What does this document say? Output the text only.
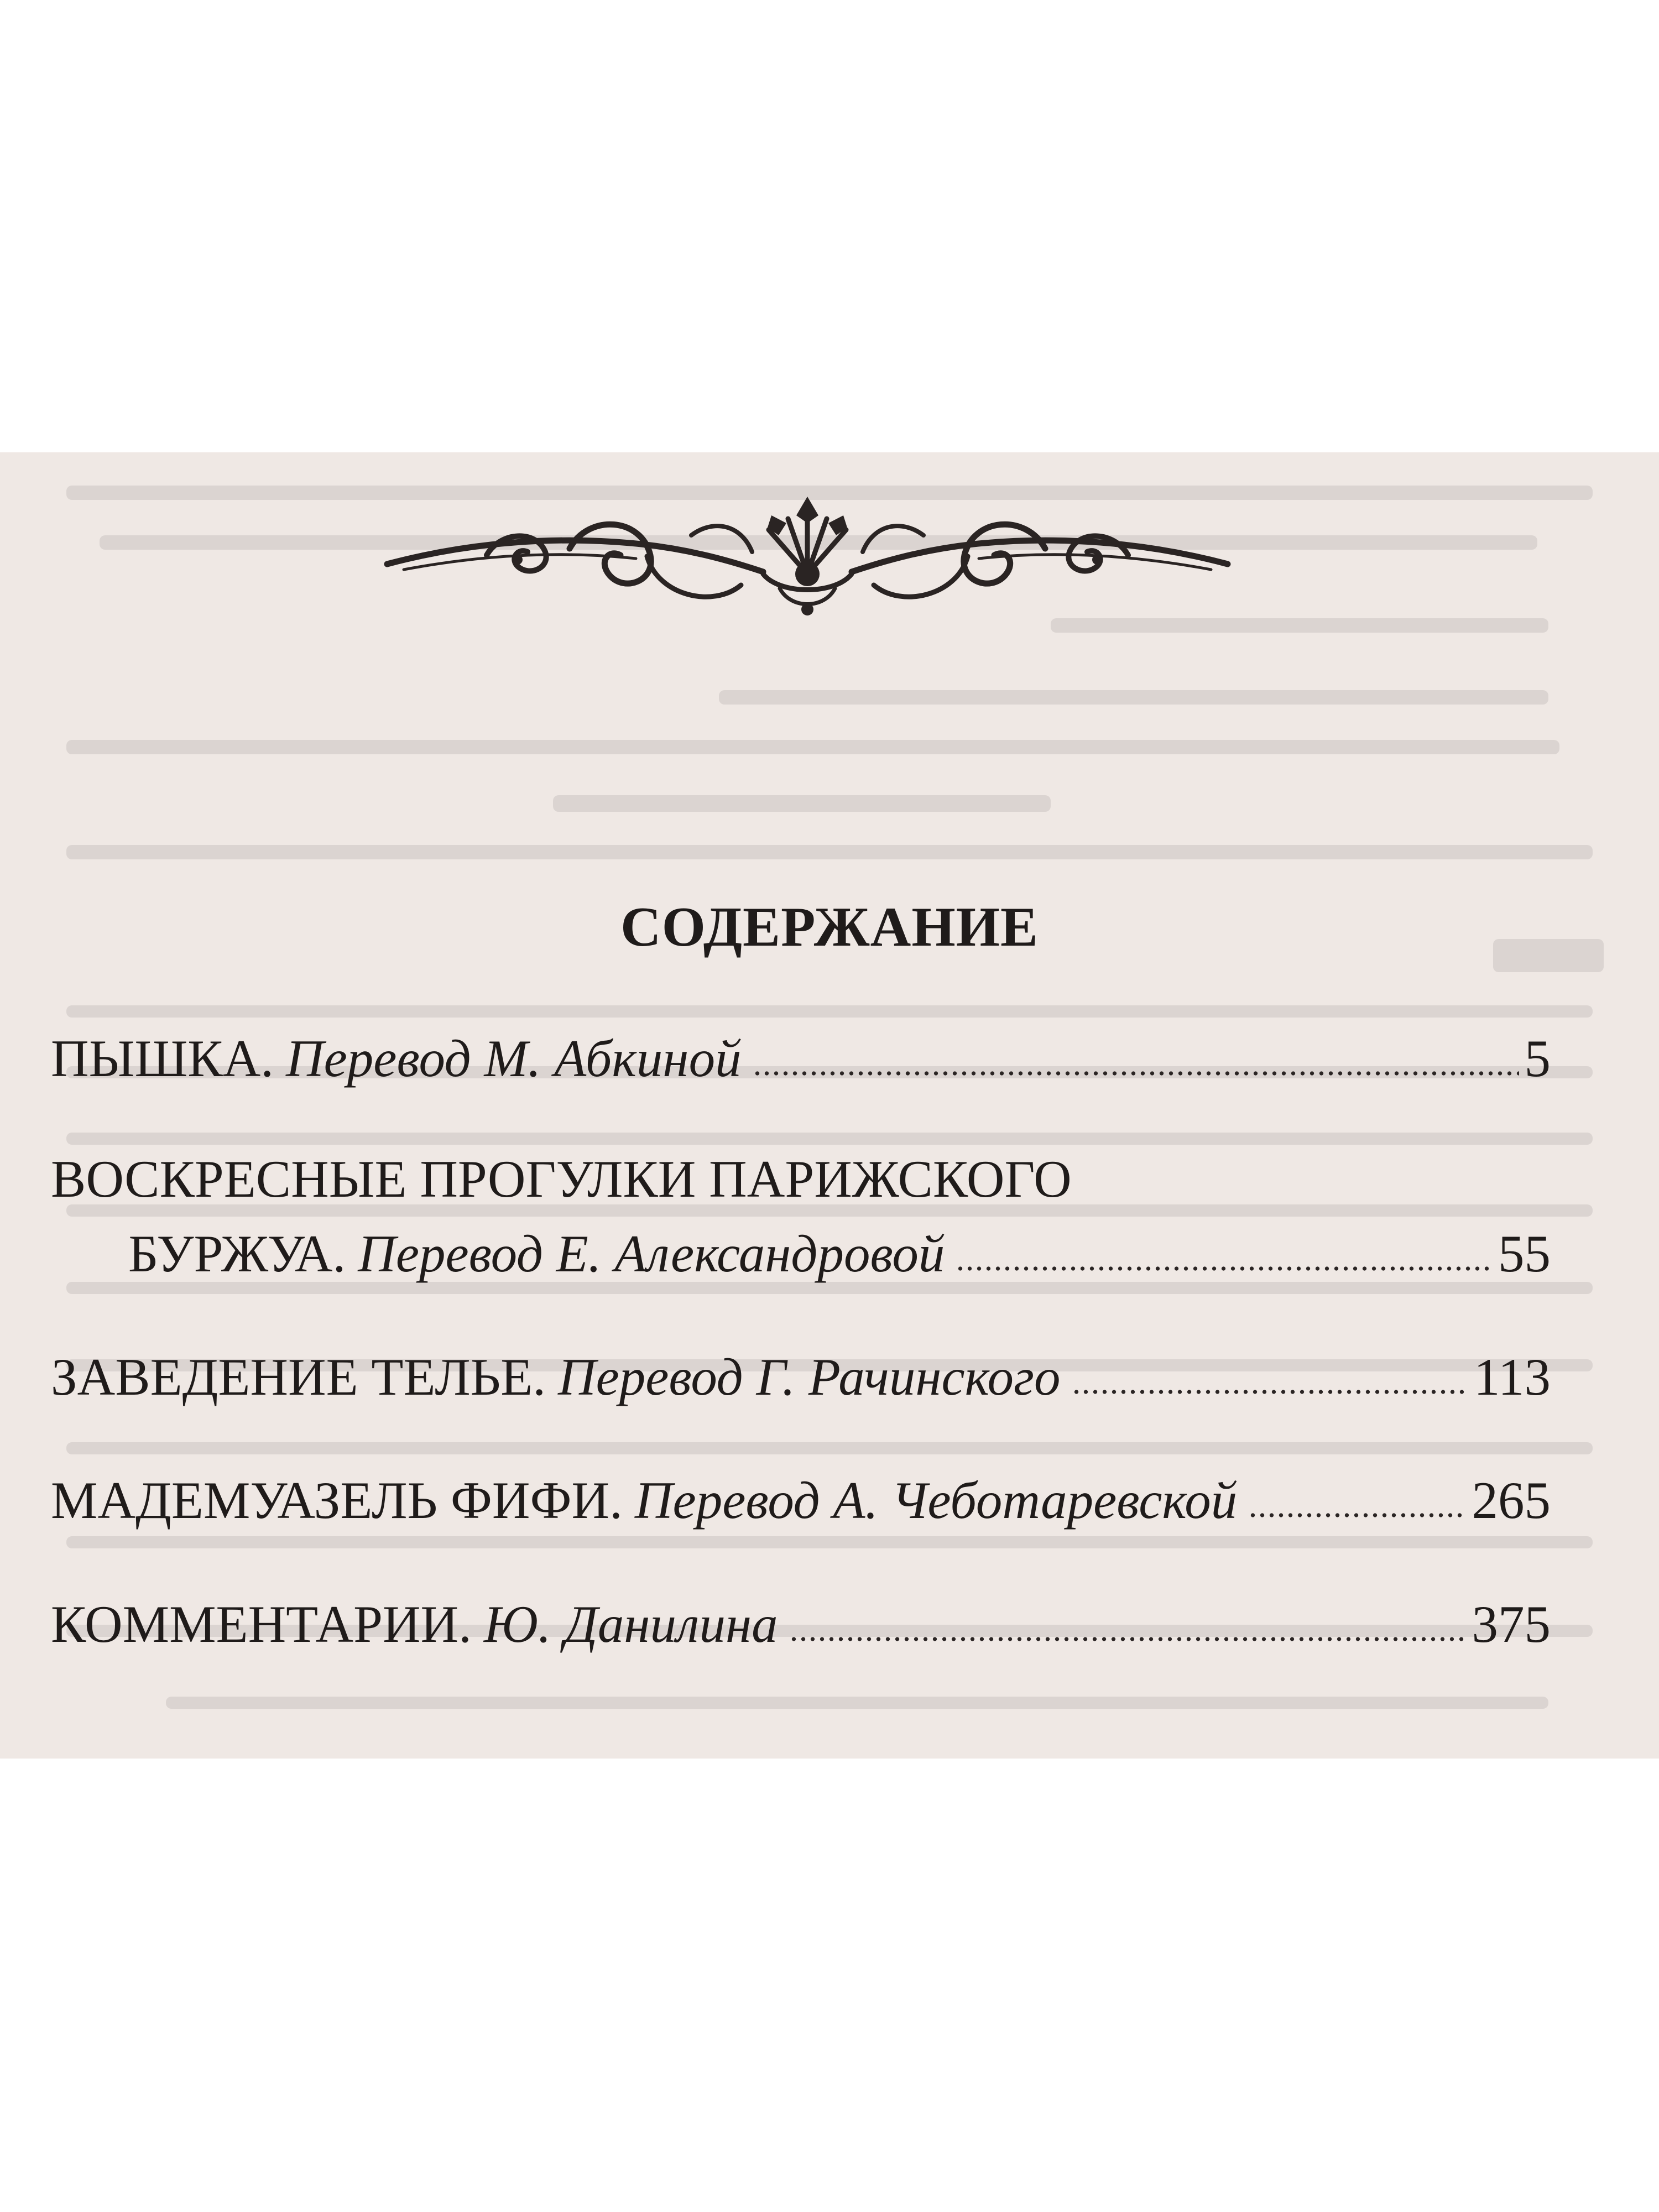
СОДЕРЖАНИЕ
ПЫШКА. Перевод М. Абкиной	5
ВОСКРЕСНЫЕ ПРОГУЛКИ ПАРИЖСКОГО
БУРЖУА. Перевод Е. Александровой	55
ЗАВЕДЕНИЕ ТЕЛЬЕ. Перевод Г. Рачинского	113
МАДЕМУАЗЕЛЬ ФИФИ. Перевод А. Чеботаревской	265
КОММЕНТАРИИ. Ю. Данилина	375
